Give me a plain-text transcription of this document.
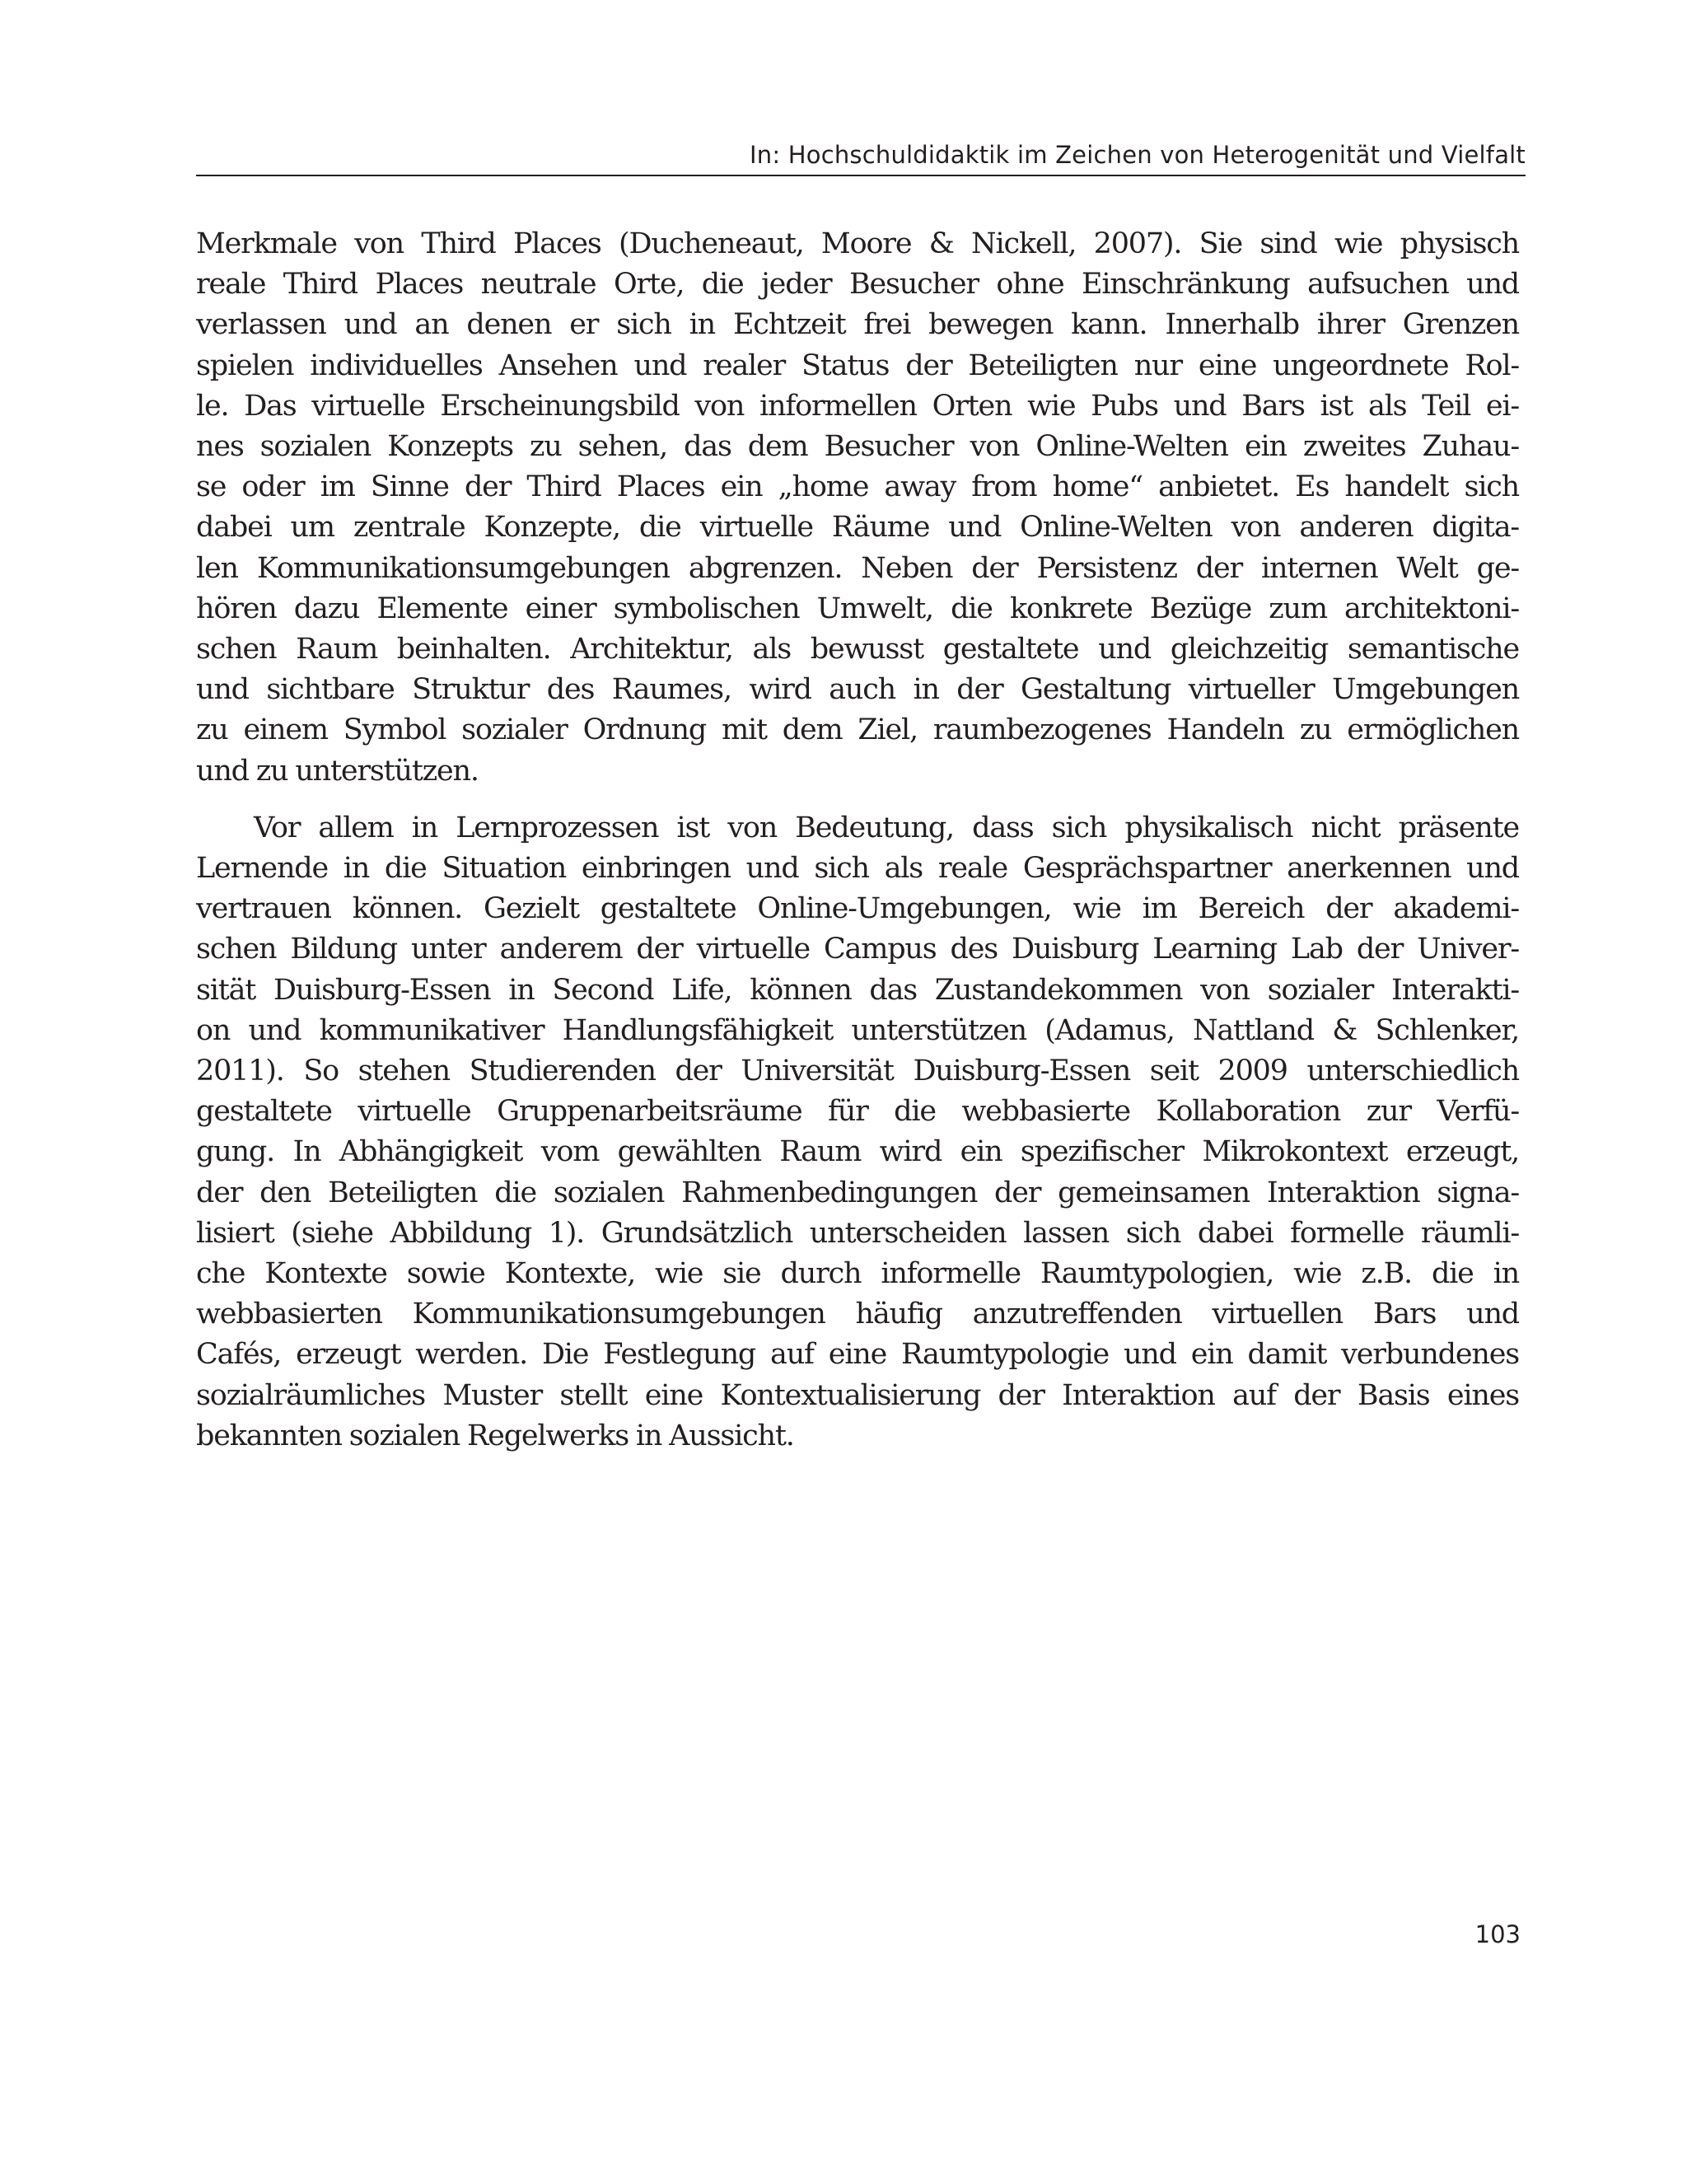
In: Hochschuldidaktik im Zeichen von Heterogenität und Vielfalt
Merkmale von Third Places (Ducheneaut, Moore & Nickell, 2007). Sie sind wie physisch
reale Third Places neutrale Orte, die jeder Besucher ohne Einschränkung aufsuchen und
verlassen und an denen er sich in Echtzeit frei bewegen kann. Innerhalb ihrer Grenzen
spielen individuelles Ansehen und realer Status der Beteiligten nur eine ungeordnete Rol-
le. Das virtuelle Erscheinungsbild von informellen Orten wie Pubs und Bars ist als Teil ei-
nes sozialen Konzepts zu sehen, das dem Besucher von Online-Welten ein zweites Zuhau-
se oder im Sinne der Third Places ein „home away from home“ anbietet. Es handelt sich
dabei um zentrale Konzepte, die virtuelle Räume und Online-Welten von anderen digita-
len Kommunikationsumgebungen abgrenzen. Neben der Persistenz der internen Welt ge-
hören dazu Elemente einer symbolischen Umwelt, die konkrete Bezüge zum architektoni-
schen Raum beinhalten. Architektur, als bewusst gestaltete und gleichzeitig semantische
und sichtbare Struktur des Raumes, wird auch in der Gestaltung virtueller Umgebungen
zu einem Symbol sozialer Ordnung mit dem Ziel, raumbezogenes Handeln zu ermöglichen
und zu unterstützen.
Vor allem in Lernprozessen ist von Bedeutung, dass sich physikalisch nicht präsente
Lernende in die Situation einbringen und sich als reale Gesprächspartner anerkennen und
vertrauen können. Gezielt gestaltete Online-Umgebungen, wie im Bereich der akademi-
schen Bildung unter anderem der virtuelle Campus des Duisburg Learning Lab der Univer-
sität Duisburg-Essen in Second Life, können das Zustandekommen von sozialer Interakti-
on und kommunikativer Handlungsfähigkeit unterstützen (Adamus, Nattland & Schlenker,
2011). So stehen Studierenden der Universität Duisburg-Essen seit 2009 unterschiedlich
gestaltete virtuelle Gruppenarbeitsräume für die webbasierte Kollaboration zur Verfü-
gung. In Abhängigkeit vom gewählten Raum wird ein spezifischer Mikrokontext erzeugt,
der den Beteiligten die sozialen Rahmenbedingungen der gemeinsamen Interaktion signa-
lisiert (siehe Abbildung 1). Grundsätzlich unterscheiden lassen sich dabei formelle räumli-
che Kontexte sowie Kontexte, wie sie durch informelle Raumtypologien, wie z.B. die in
webbasierten Kommunikationsumgebungen häufig anzutreffenden virtuellen Bars und
Cafés, erzeugt werden. Die Festlegung auf eine Raumtypologie und ein damit verbundenes
sozialräumliches Muster stellt eine Kontextualisierung der Interaktion auf der Basis eines
bekannten sozialen Regelwerks in Aussicht.
103
